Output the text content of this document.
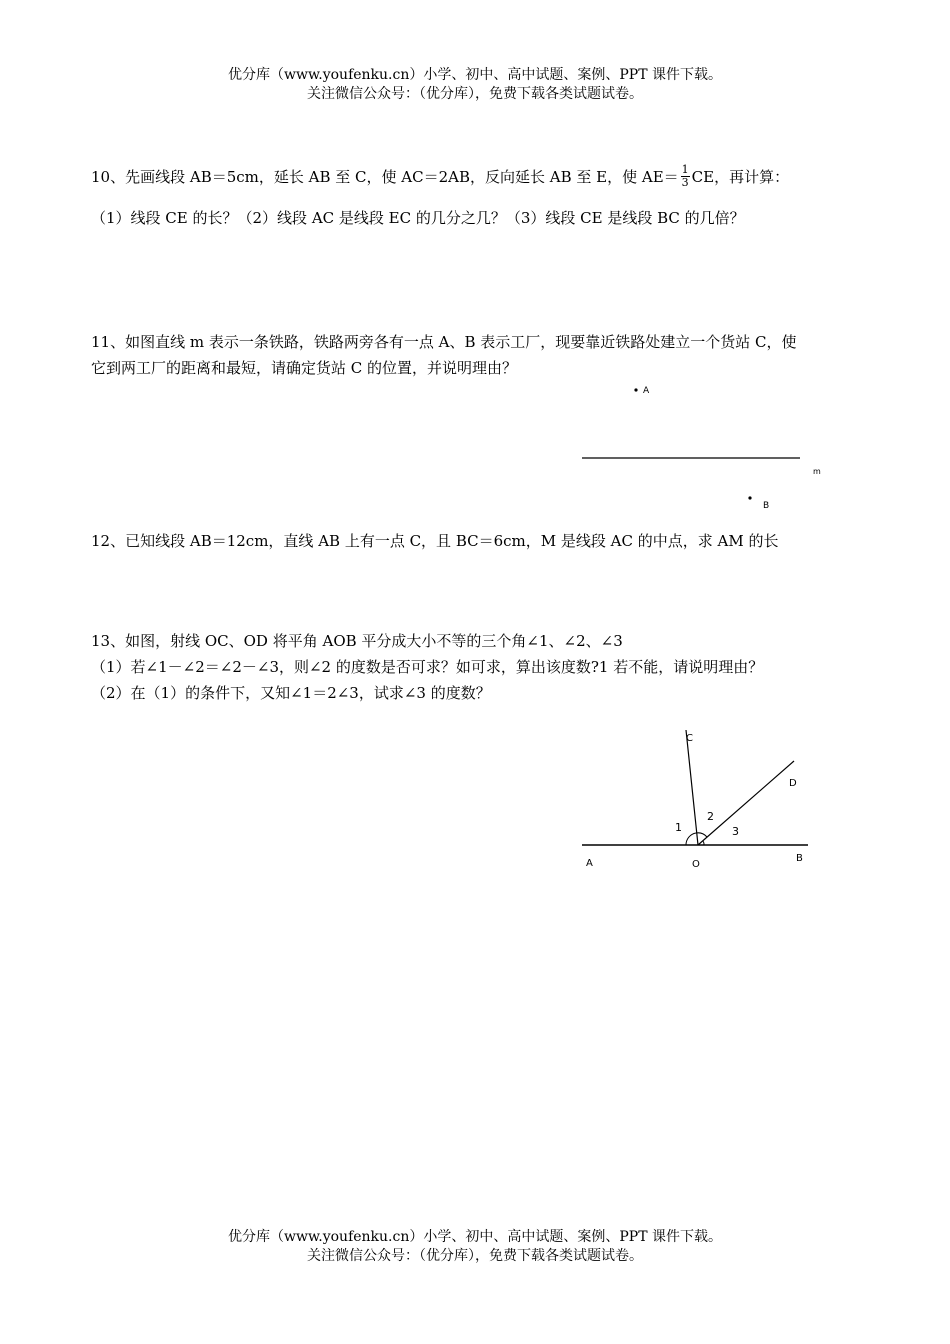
优分库（www.youfenku.cn）小学、初中、高中试题、案例、PPT 课件下载。
关注微信公众号：（优分库），免费下载各类试题试卷。
10、先画线段 AB＝5cm，延长 AB 至 C，使 AC＝2AB，反向延长 AB 至 E，使 $AE= \frac{1}{3}$ CE，再计算：
（1）线段 CE 的长？（2）线段 AC 是线段 EC 的几分之几？（3）线段 CE 是线段 BC 的几倍？
11、如图直线 m 表示一条铁路，铁路两旁各有一点 A、B 表示工厂，现要靠近铁路处建立一个货站 C，使
它到两工厂的距离和最短，请确定货站 C 的位置，并说明理由？
A
m
B
12、已知线段 AB＝12cm，直线 AB 上有一点 C，且 BC＝6cm，M 是线段 AC 的中点，求 AM 的长
13、如图，射线 OC、OD 将平角 AOB 平分成大小不等的三个角∠1、∠2、∠3
（1）若∠1－∠2＝∠2－∠3，则∠2 的度数是否可求？如可求，算出该度数?1 若不能，请说明理由？
（2）在（1）的条件下，又知∠1＝2∠3，试求∠3 的度数？
C
D
1
2
3
A	O
B
优分库（www.youfenku.cn）小学、初中、高中试题、案例、PPT 课件下载。
关注微信公众号：（优分库），免费下载各类试题试卷。
